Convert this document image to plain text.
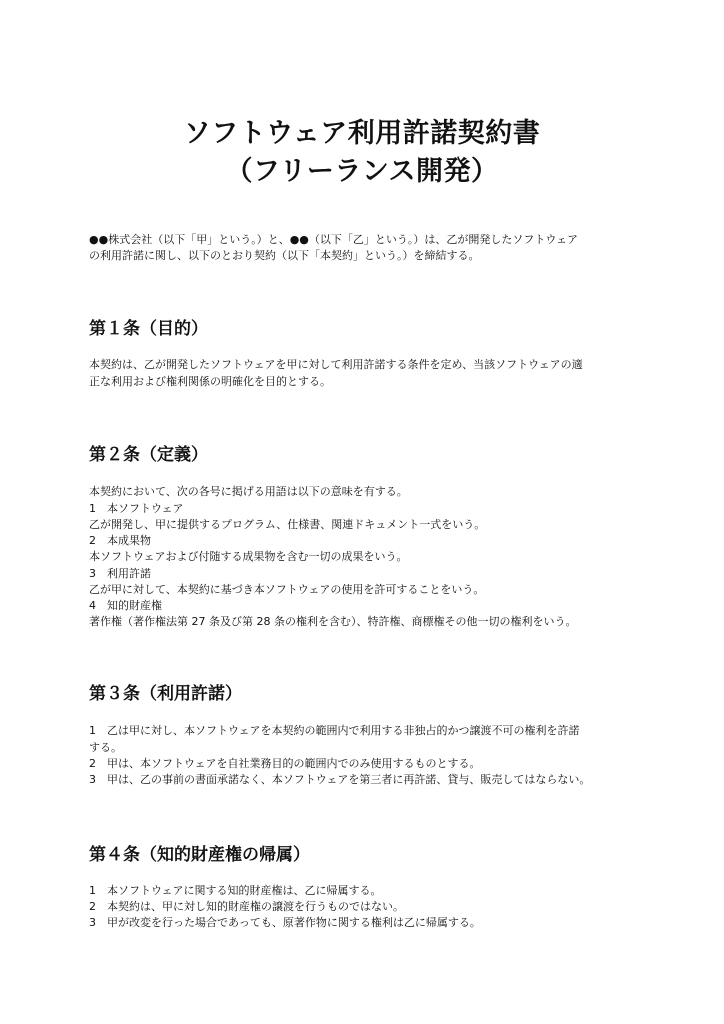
ソフトウェア利用許諾契約書
（フリーランス開発）
●●株式会社（以下「甲」という。）と、●●（以下「乙」という。）は、乙が開発したソフトウェア
の利用許諾に関し、以下のとおり契約（以下「本契約」という。）を締結する。
第１条（目的）
本契約は、乙が開発したソフトウェアを甲に対して利用許諾する条件を定め、当該ソフトウェアの適
正な利用および権利関係の明確化を目的とする。
第２条（定義）
本契約において、次の各号に掲げる用語は以下の意味を有する。
1　本ソフトウェア
乙が開発し、甲に提供するプログラム、仕様書、関連ドキュメント一式をいう。
2　本成果物
本ソフトウェアおよび付随する成果物を含む一切の成果をいう。
3　利用許諾
乙が甲に対して、本契約に基づき本ソフトウェアの使用を許可することをいう。
4　知的財産権
著作権（著作権法第 27 条及び第 28 条の権利を含む）、特許権、商標権その他一切の権利をいう。
第３条（利用許諾）
1　乙は甲に対し、本ソフトウェアを本契約の範囲内で利用する非独占的かつ譲渡不可の権利を許諾
する。
2　甲は、本ソフトウェアを自社業務目的の範囲内でのみ使用するものとする。
3　甲は、乙の事前の書面承諾なく、本ソフトウェアを第三者に再許諾、貸与、販売してはならない。
第４条（知的財産権の帰属）
1　本ソフトウェアに関する知的財産権は、乙に帰属する。
2　本契約は、甲に対し知的財産権の譲渡を行うものではない。
3　甲が改変を行った場合であっても、原著作物に関する権利は乙に帰属する。
